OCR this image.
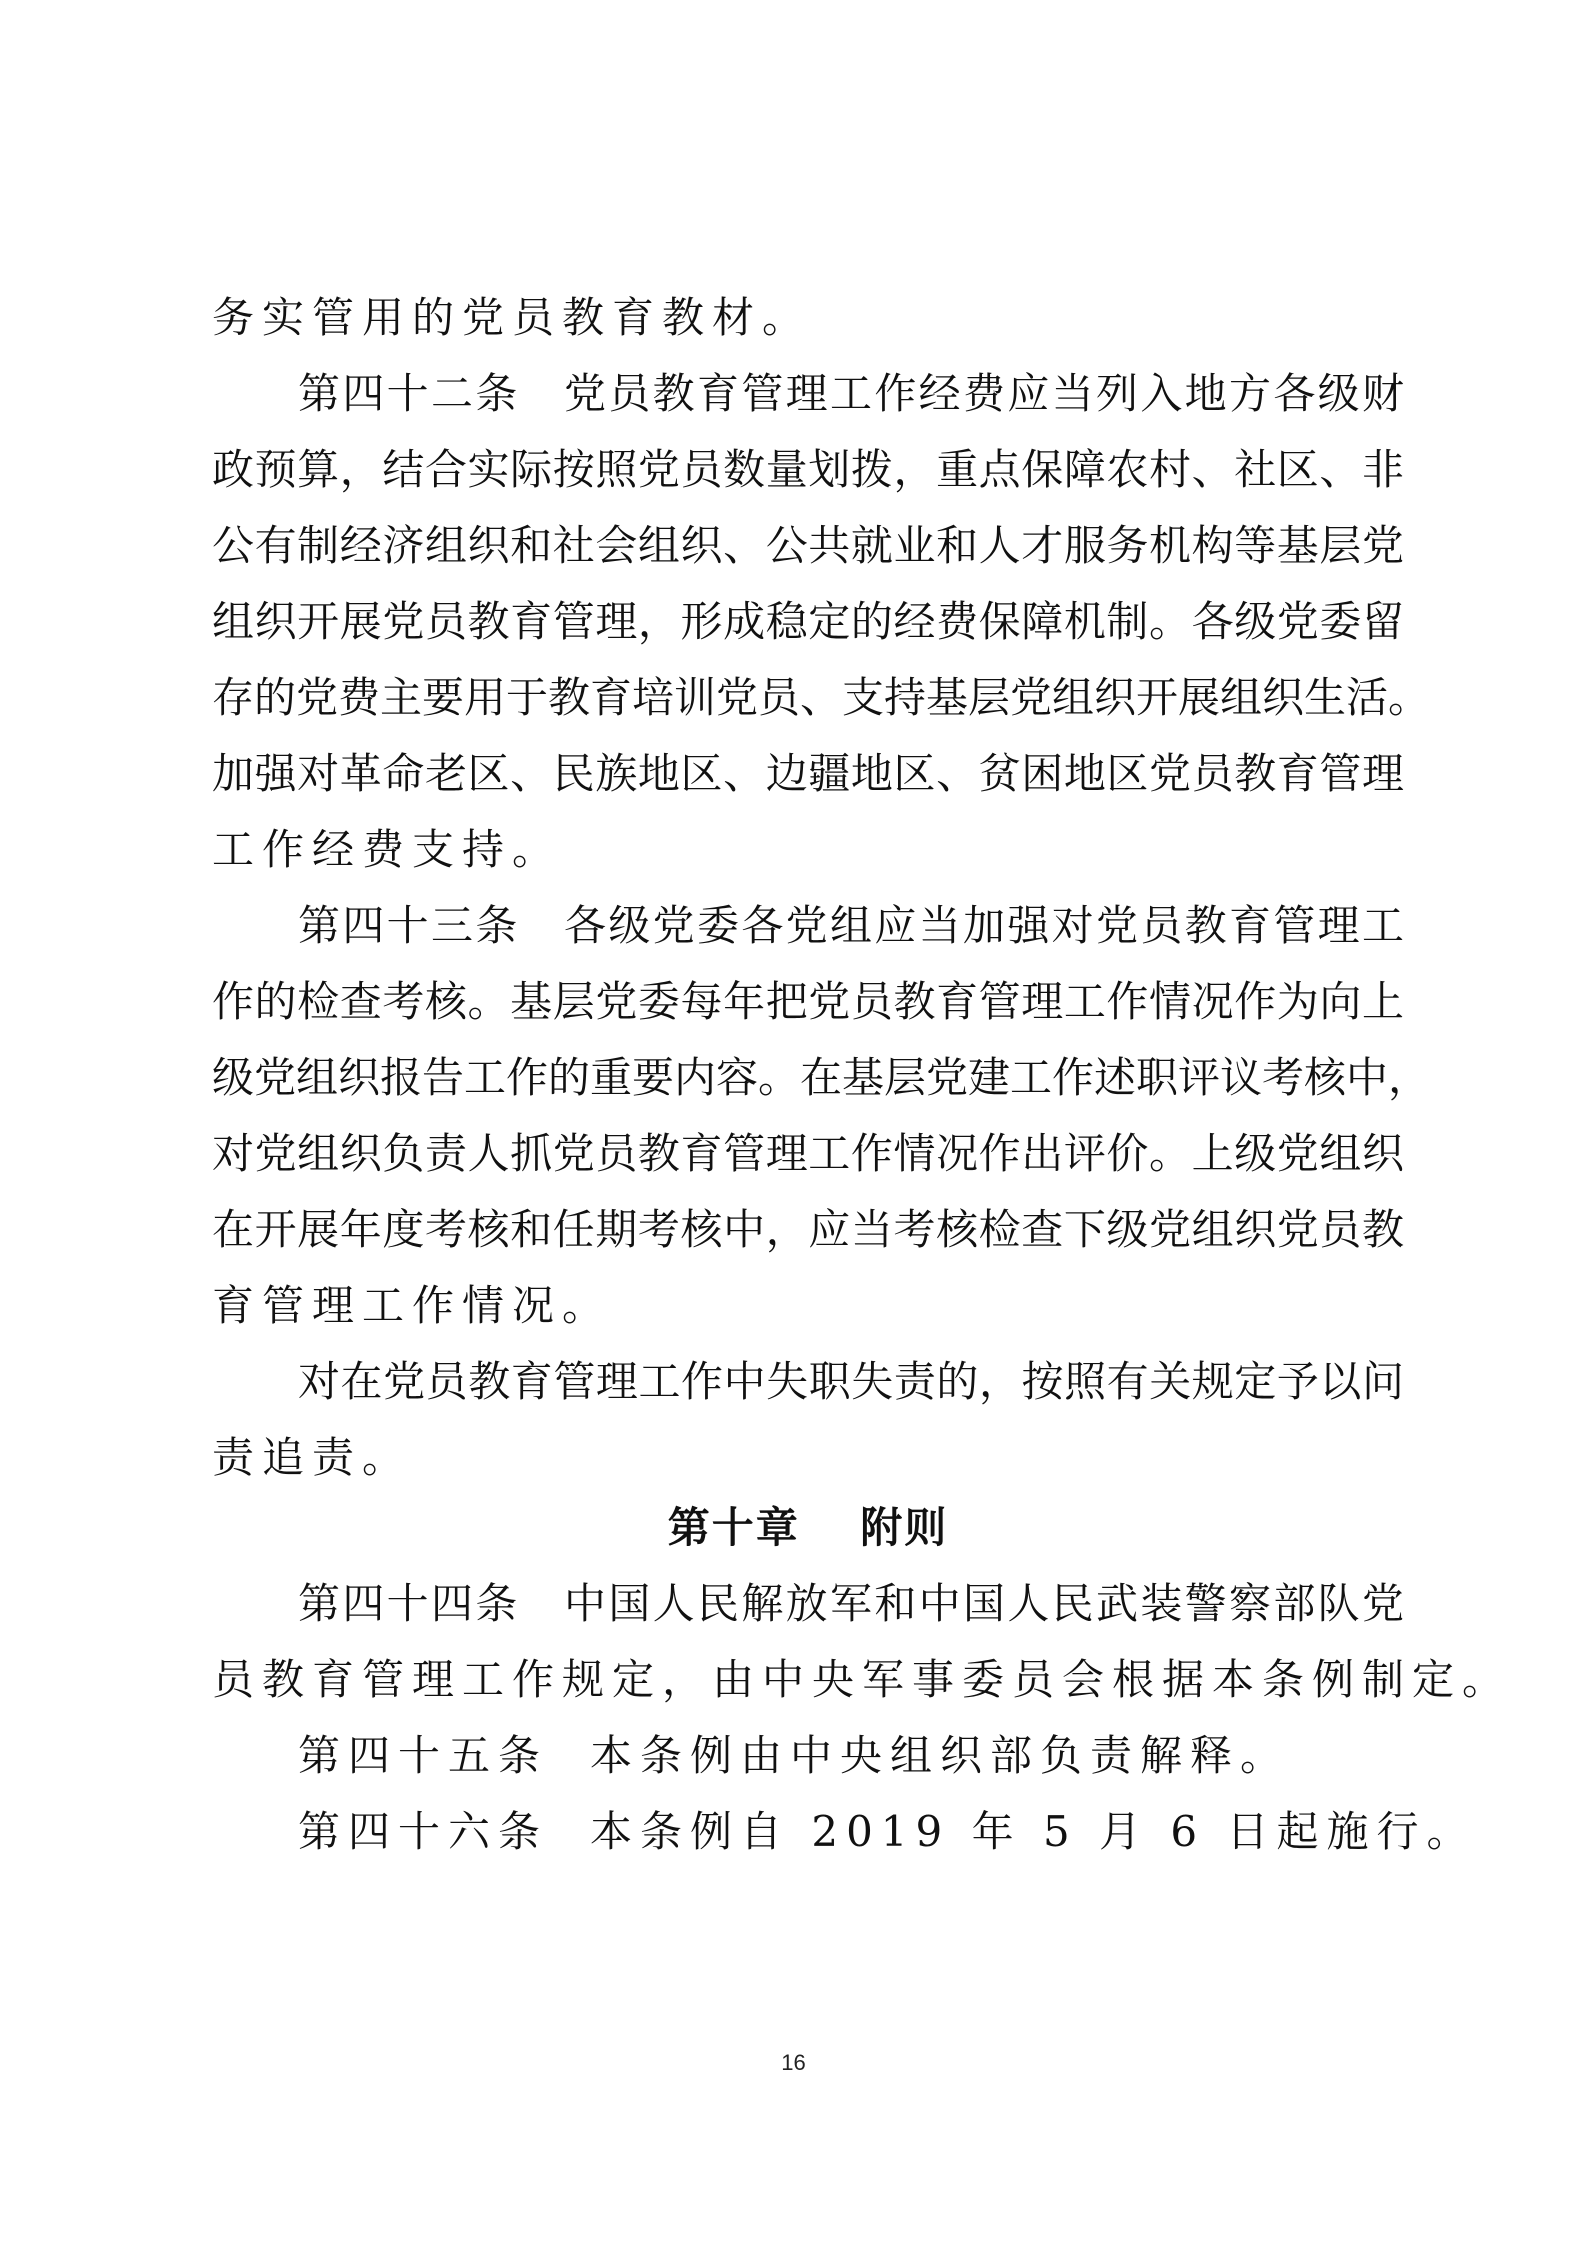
务实管用的党员教育教材。
第四十二条 党员教育管理工作经费应当列入地方各级财
政预算，结合实际按照党员数量划拨，重点保障农村、社区、非
公有制经济组织和社会组织、公共就业和人才服务机构等基层党
组织开展党员教育管理，形成稳定的经费保障机制。各级党委留
存的党费主要用于教育培训党员、支持基层党组织开展组织生活。
加强对革命老区、民族地区、边疆地区、贫困地区党员教育管理
工作经费支持。
第四十三条 各级党委各党组应当加强对党员教育管理工
作的检查考核。基层党委每年把党员教育管理工作情况作为向上
级党组织报告工作的重要内容。在基层党建工作述职评议考核中，
对党组织负责人抓党员教育管理工作情况作出评价。上级党组织
在开展年度考核和任期考核中，应当考核检查下级党组织党员教
育管理工作情况。
对在党员教育管理工作中失职失责的，按照有关规定予以问
责追责。
第十章　 附则
第四十四条 中国人民解放军和中国人民武装警察部队党
员教育管理工作规定，由中央军事委员会根据本条例制定。
第四十五条 本条例由中央组织部负责解释。
第四十六条 本条例自 2019 年 5 月 6 日起施行。
16
